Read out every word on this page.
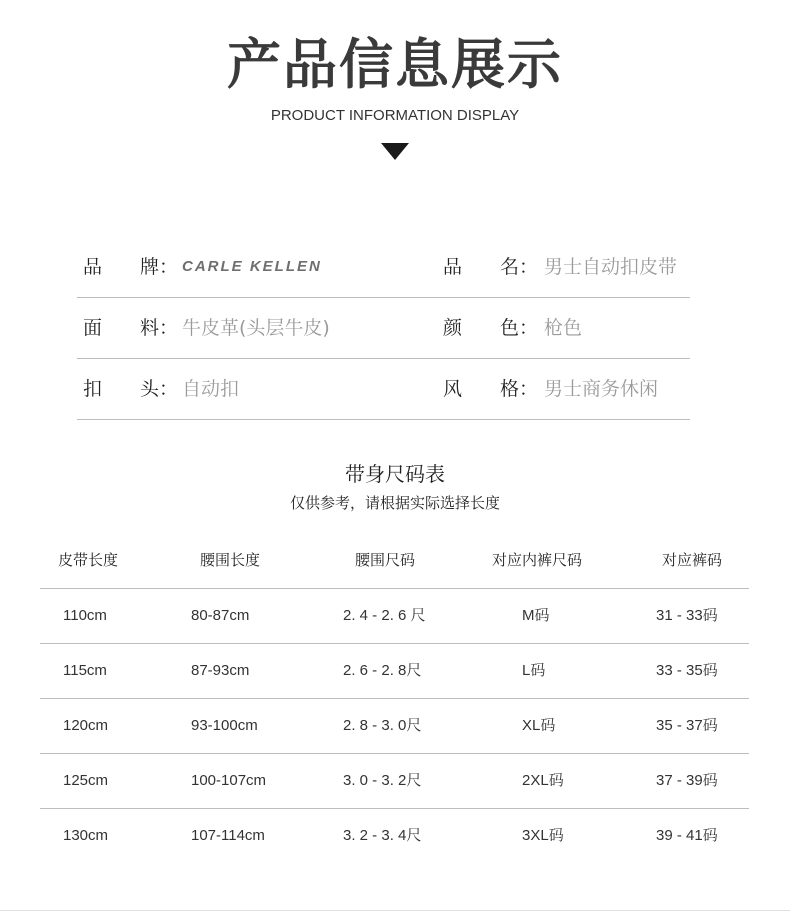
产品信息展示
PRODUCT INFORMATION DISPLAY
品　　牌： CARLE KELLEN	品　　名： 男士自动扣皮带
面　　料： 牛皮革(头层牛皮)	颜　　色： 枪色
扣　　头： 自动扣	风　　格： 男士商务休闲
带身尺码表
仅供参考，请根据实际选择长度
皮带长度	腰围长度	腰围尺码	对应内裤尺码	对应裤码
110cm	80-87cm	2. 4 - 2. 6 尺	M码	31 - 33码
115cm	87-93cm	2. 6 - 2. 8尺	L码	33 - 35码
120cm	93-100cm	2. 8 - 3. 0尺	XL码	35 - 37码
125cm	100-107cm	3. 0 - 3. 2尺	2XL码	37 - 39码
130cm	107-114cm	3. 2 - 3. 4尺	3XL码	39 - 41码
